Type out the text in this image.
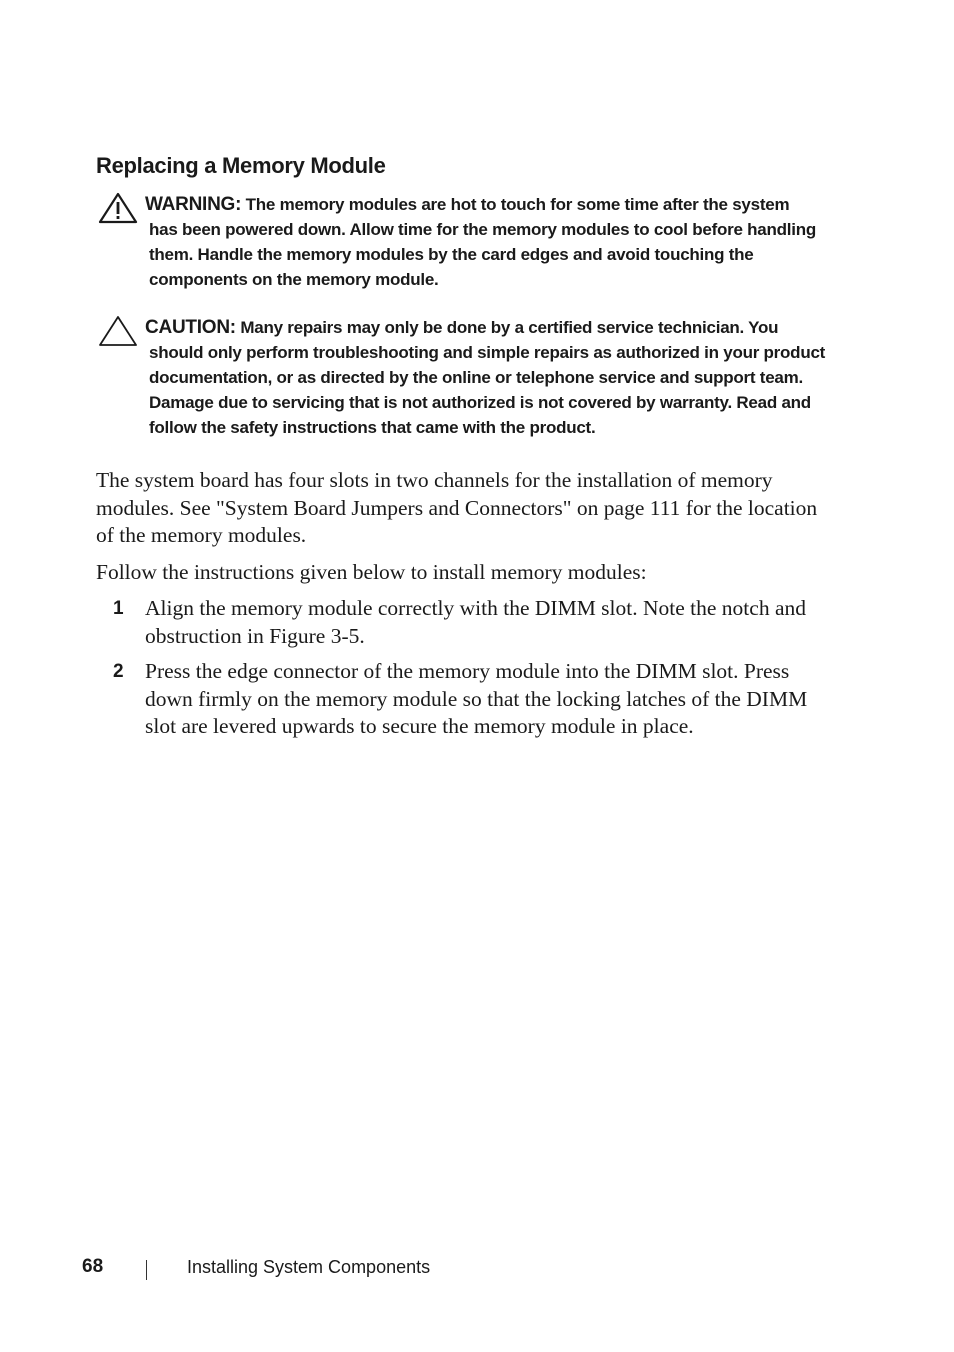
Replacing a Memory Module
WARNING: The memory modules are hot to touch for some time after the system
has been powered down. Allow time for the memory modules to cool before handling them. Handle the memory modules by the card edges and avoid touching the components on the memory module.
CAUTION: Many repairs may only be done by a certified service technician. You
should only perform troubleshooting and simple repairs as authorized in your product documentation, or as directed by the online or telephone service and support team. Damage due to servicing that is not authorized is not covered by warranty. Read and follow the safety instructions that came with the product.

The system board has four slots in two channels for the installation of memory modules. See "System Board Jumpers and Connectors" on page 111 for the location of the memory modules.

Follow the instructions given below to install memory modules:

1 Align the memory module correctly with the DIMM slot. Note the notch and obstruction in Figure 3-5.
2 Press the edge connector of the memory module into the DIMM slot. Press down firmly on the memory module so that the locking latches of the DIMM slot are levered upwards to secure the memory module in place.
68	Installing System Components
